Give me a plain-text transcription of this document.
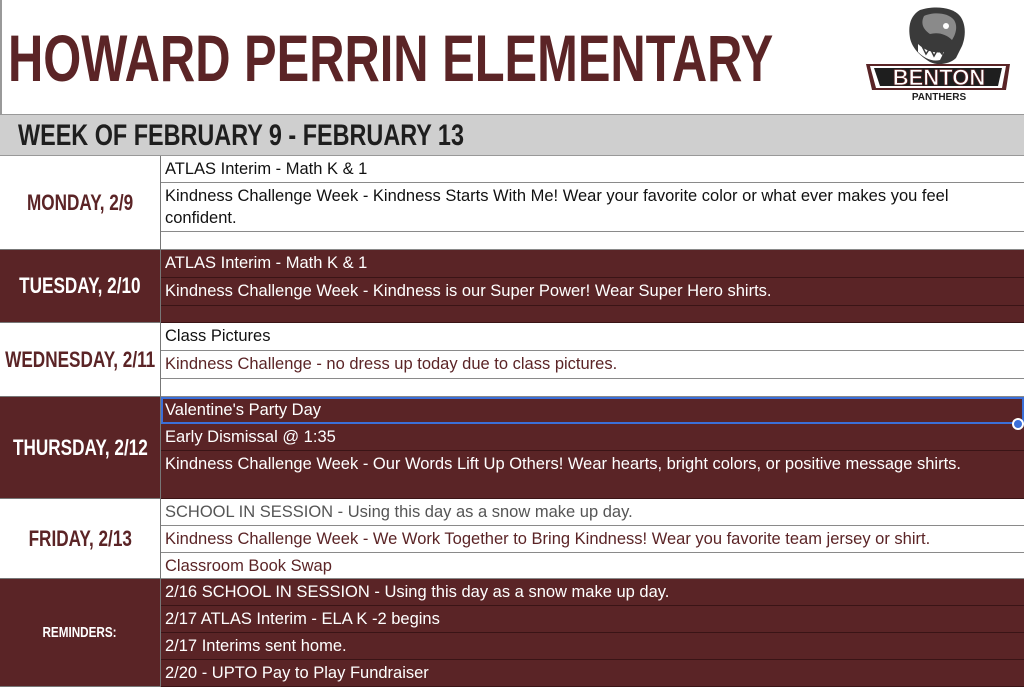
HOWARD PERRIN ELEMENTARY	BENTON
PANTHERS
WEEK OF FEBRUARY 9 - FEBRUARY 13
MONDAY, 2/9
ATLAS Interim - Math K & 1
Kindness Challenge Week - Kindness Starts With Me! Wear your favorite color or what ever makes you feel confident.
TUESDAY, 2/10
ATLAS Interim - Math K & 1
Kindness Challenge Week - Kindness is our Super Power! Wear Super Hero shirts.
WEDNESDAY, 2/11
Class Pictures
Kindness Challenge - no dress up today due to class pictures.
THURSDAY, 2/12
Valentine's Party Day
Early Dismissal @ 1:35
Kindness Challenge Week - Our Words Lift Up Others! Wear hearts, bright colors, or positive message shirts.
FRIDAY, 2/13
SCHOOL IN SESSION - Using this day as a snow make up day.
Kindness Challenge Week - We Work Together to Bring Kindness! Wear you favorite team jersey or shirt.
Classroom Book Swap
REMINDERS:
2/16 SCHOOL IN SESSION - Using this day as a snow make up day.
2/17 ATLAS Interim - ELA K -2 begins
2/17 Interims sent home.
2/20 - UPTO Pay to Play Fundraiser
